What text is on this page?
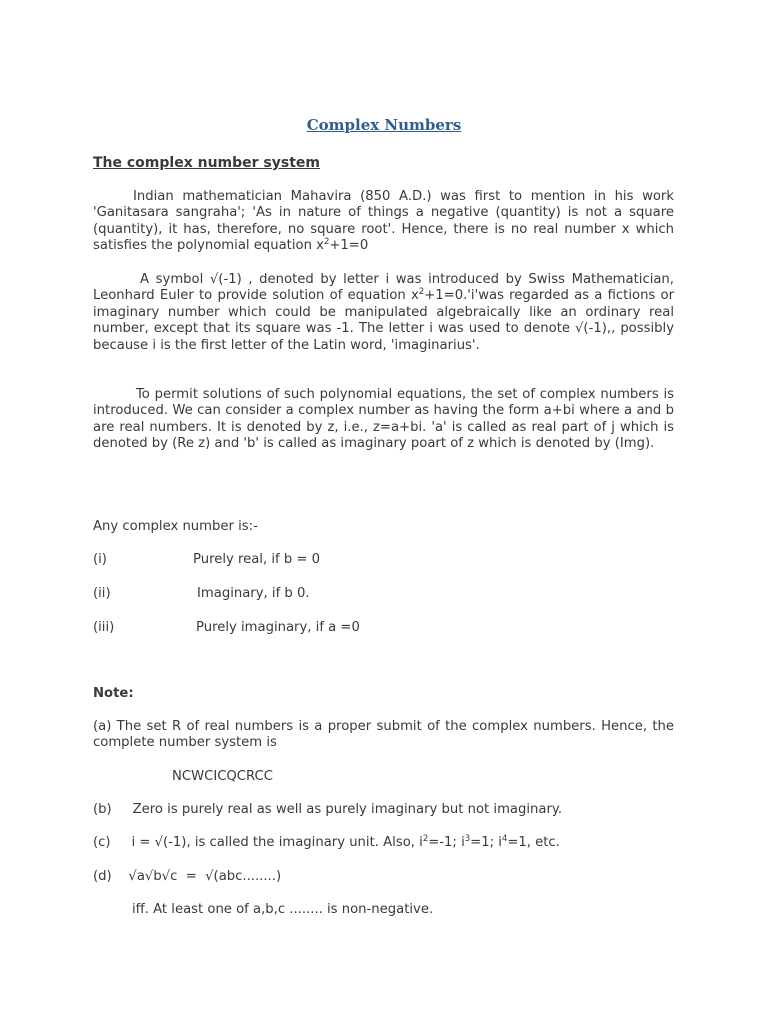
Complex Numbers
The complex number system

Indian mathematician Mahavira (850 A.D.) was first to mention in his work 'Ganitasara sangraha'; 'As in nature of things a negative (quantity) is not a square (quantity), it has, therefore, no square root'. Hence, there is no real number x which satisfies the polynomial equation $x^2+1=0$

A symbol √(-1) , denoted by letter i was introduced by Swiss Mathematician, Leonhard Euler to provide solution of equation $x^2+1=0.'i'was$ regarded as a fictions or imaginary number which could be manipulated algebraically like an ordinary real number, except that its square was -1. The letter i was used to denote √(-1),, possibly because i is the first letter of the Latin word, 'imaginarius'.

To permit solutions of such polynomial equations, the set of complex numbers is introduced. We can consider a complex number as having the form a+bi where a and b are real numbers. It is denoted by z, i.e., z=a+bi. 'a' is called as real part of j which is denoted by (Re z) and 'b' is called as imaginary poart of z which is denoted by (Img).

Any complex number is:-
(i)	Purely real, if b = 0
(ii)	Imaginary, if b 0.
(iii)	Purely imaginary, if a =0
Note:

(a) The set R of real numbers is a proper submit of the complex numbers. Hence, the complete number system is

NCWCICQCRCC
(b)     Zero is purely real as well as purely imaginary but not imaginary.
(c)     i = √(-1), is called the imaginary unit. Also, $i^2=-1$; $i^3=1$; $i^4=1$, etc.
(d)    √a√b√c  =  √(abc........)
iff. At least one of a,b,c ........ is non-negative.
